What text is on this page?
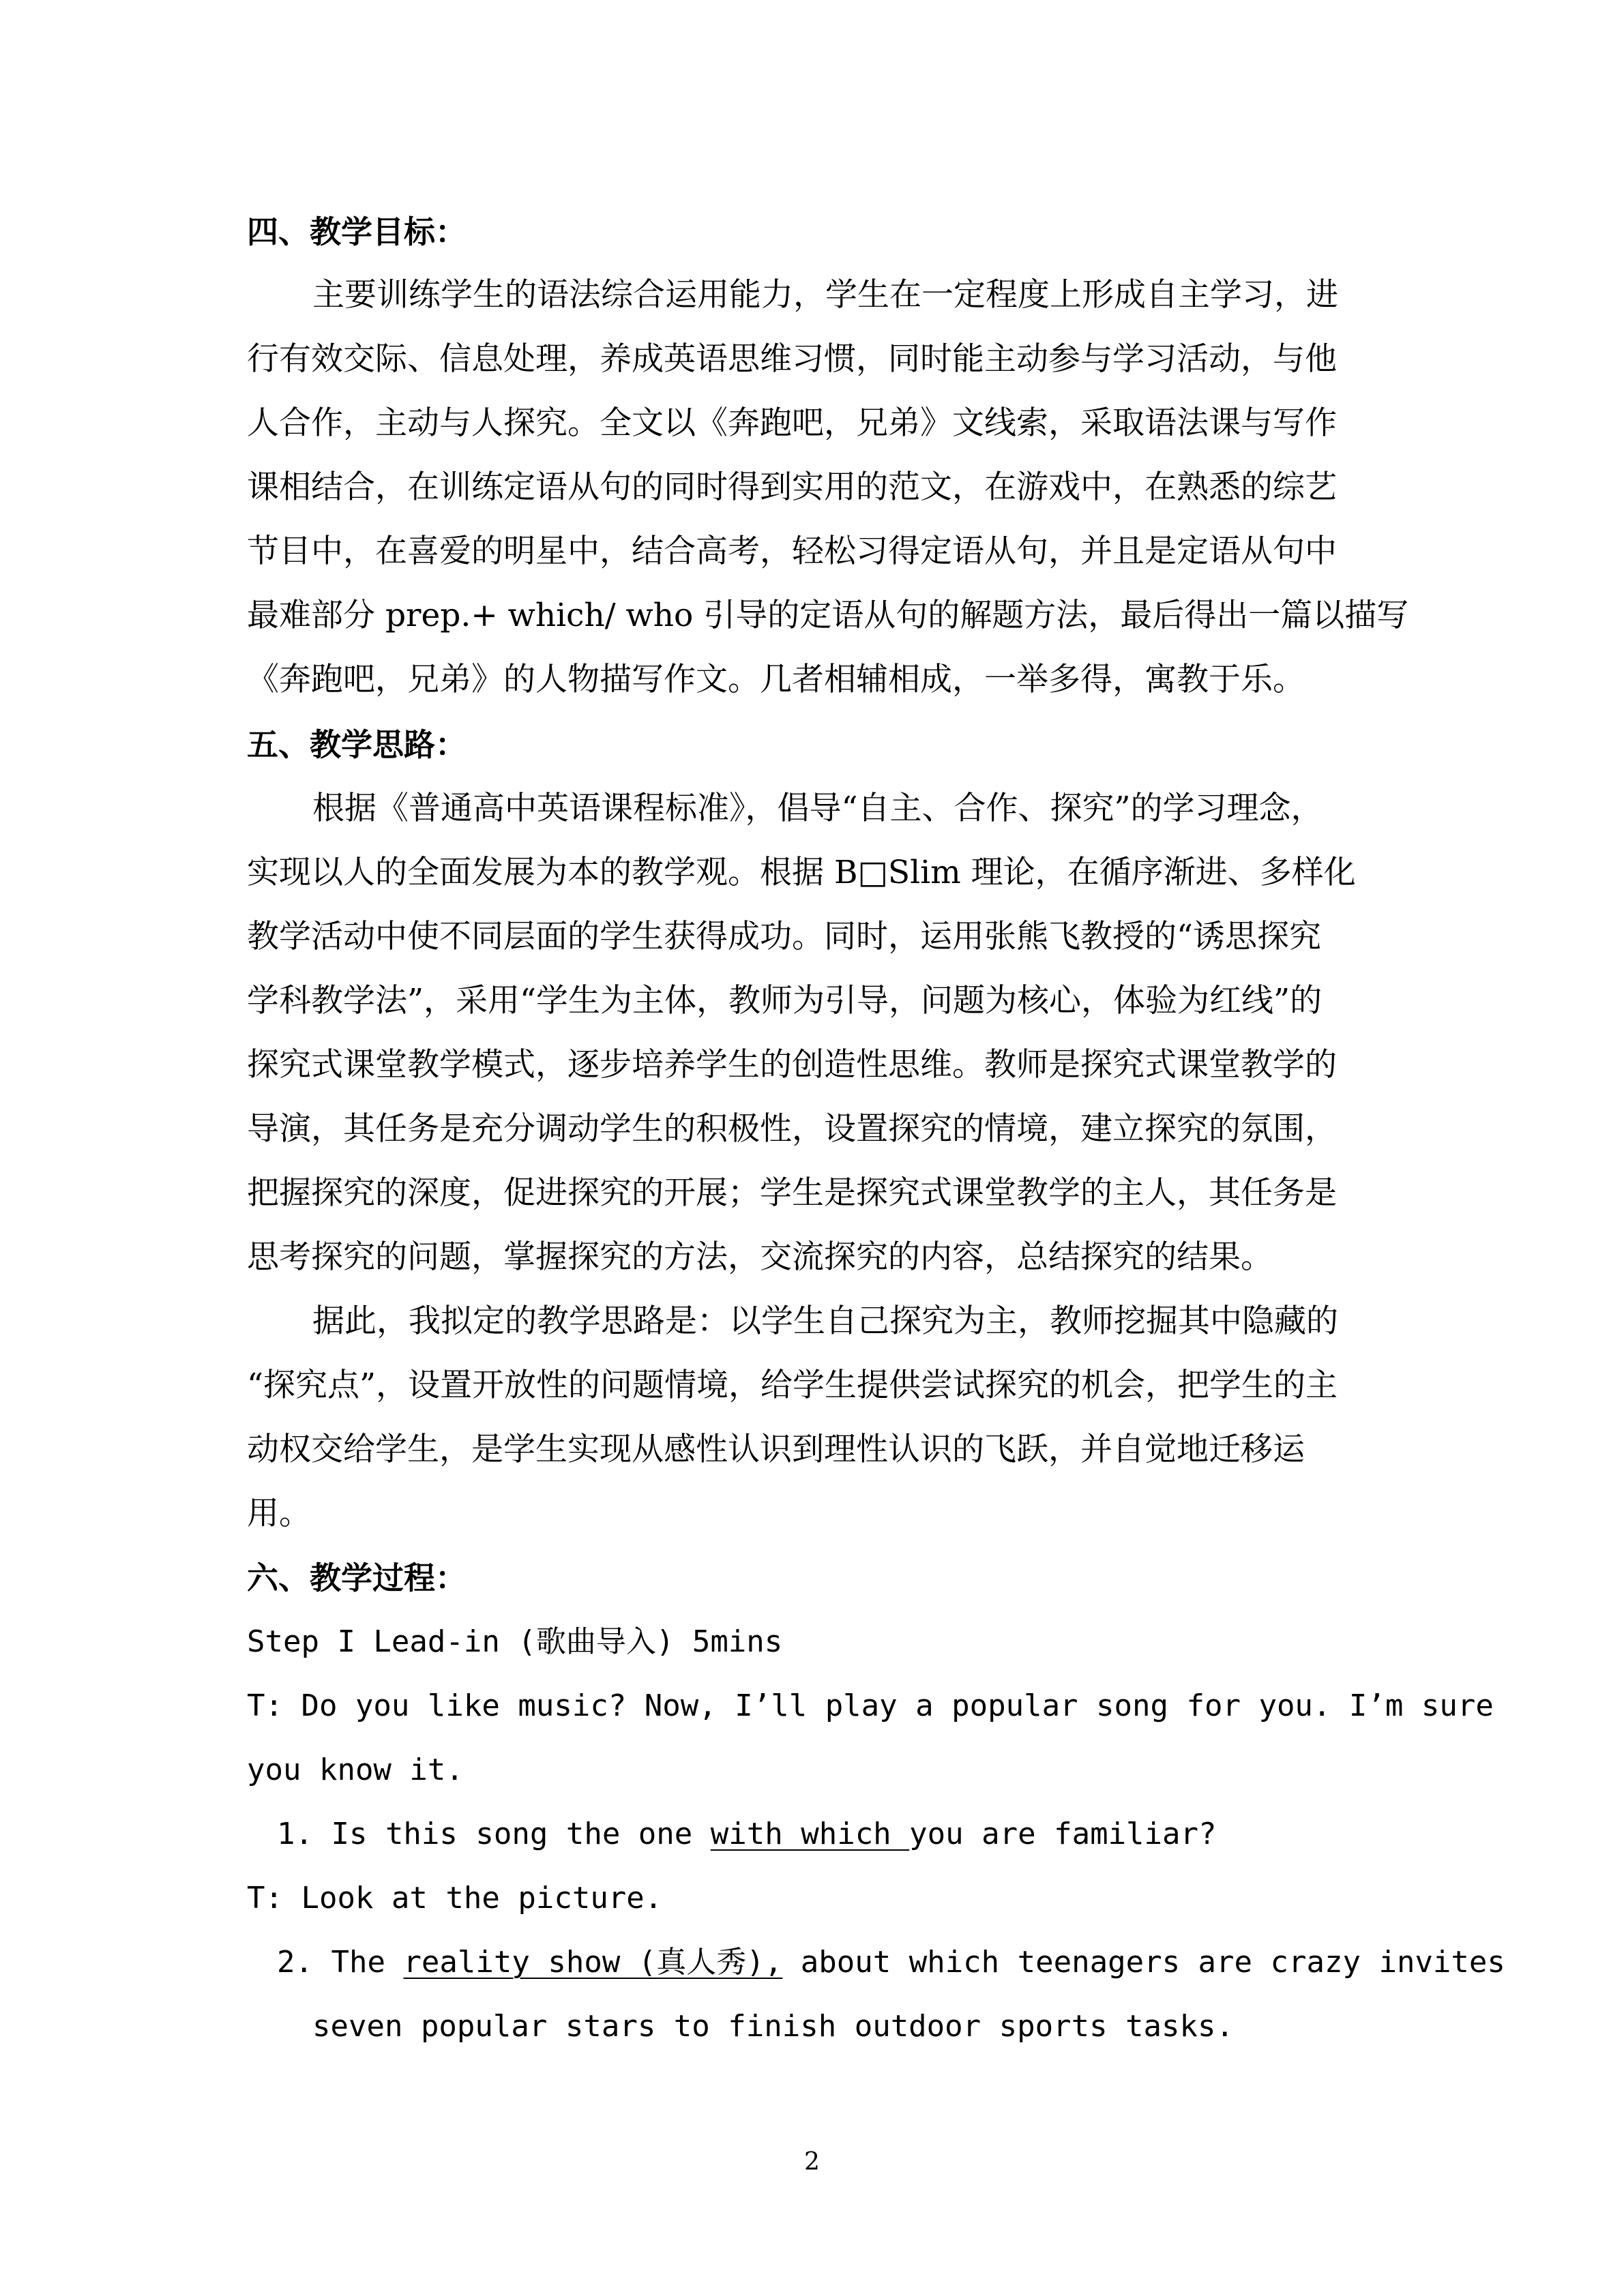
四、教学目标：
主要训练学生的语法综合运用能力，学生在一定程度上形成自主学习，进
行有效交际、信息处理，养成英语思维习惯，同时能主动参与学习活动，与他
人合作，主动与人探究。全文以《奔跑吧，兄弟》文线索，采取语法课与写作
课相结合，在训练定语从句的同时得到实用的范文，在游戏中，在熟悉的综艺
节目中，在喜爱的明星中，结合高考，轻松习得定语从句，并且是定语从句中
最难部分 prep.+ which/ who 引导的定语从句的解题方法，最后得出一篇以描写
《奔跑吧，兄弟》的人物描写作文。几者相辅相成，一举多得，寓教于乐。
五、教学思路：
根据《普通高中英语课程标准》，倡导“自主、合作、探究”的学习理念，
实现以人的全面发展为本的教学观。根据 B□Slim 理论，在循序渐进、多样化
教学活动中使不同层面的学生获得成功。同时，运用张熊飞教授的“诱思探究
学科教学法”，采用“学生为主体，教师为引导，问题为核心，体验为红线”的
探究式课堂教学模式，逐步培养学生的创造性思维。教师是探究式课堂教学的
导演，其任务是充分调动学生的积极性，设置探究的情境，建立探究的氛围，
把握探究的深度，促进探究的开展；学生是探究式课堂教学的主人，其任务是
思考探究的问题，掌握探究的方法，交流探究的内容，总结探究的结果。
据此，我拟定的教学思路是：以学生自己探究为主，教师挖掘其中隐藏的
“探究点”，设置开放性的问题情境，给学生提供尝试探究的机会，把学生的主
动权交给学生，是学生实现从感性认识到理性认识的飞跃，并自觉地迁移运
用。
六、教学过程：
Step I Lead-in (歌曲导入) 5mins
T: Do you like music? Now, I’ll play a popular song for you. I’m sure
you know it.
1. Is this song the one with which you are familiar?
T: Look at the picture.
2. The reality show (真人秀), about which teenagers are crazy invites
seven popular stars to finish outdoor sports tasks.
2
